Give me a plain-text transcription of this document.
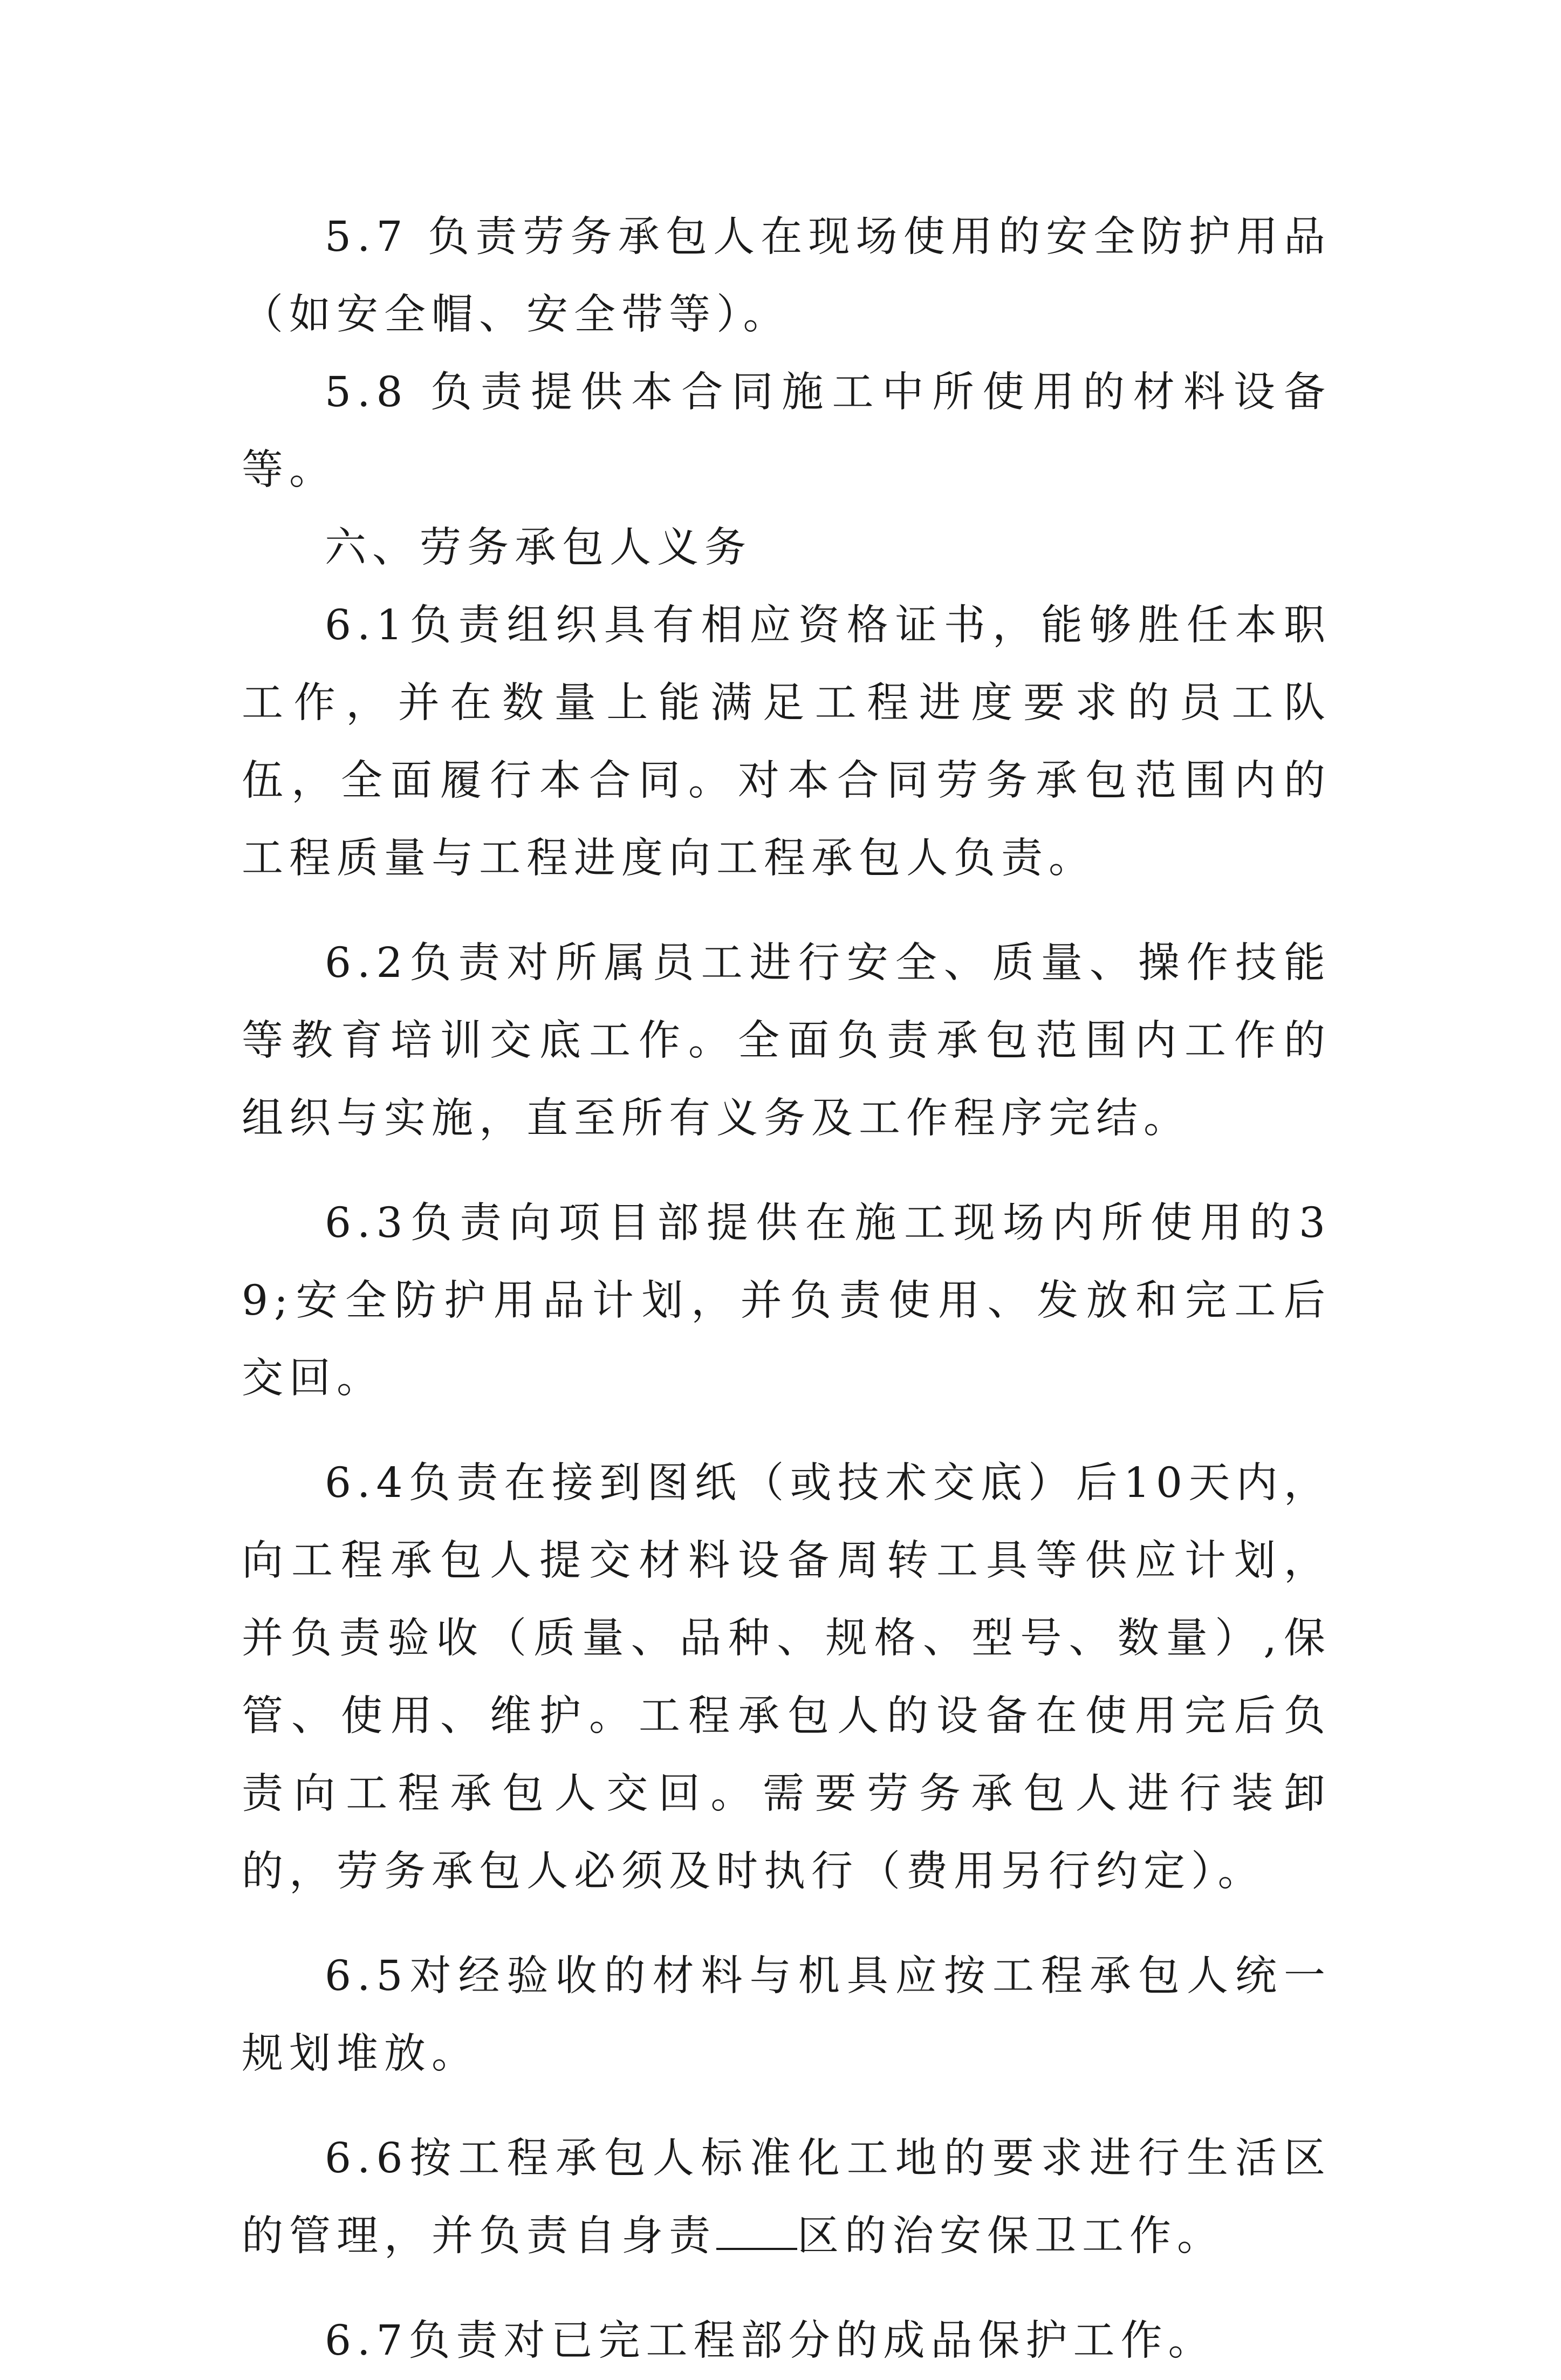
5.7 负责劳务承包人在现场使用的安全防护用品（如安全帽、安全带等）。

5.8 负责提供本合同施工中所使用的材料设备等。

六、劳务承包人义务

6.1负责组织具有相应资格证书，能够胜任本职工作，并在数量上能满足工程进度要求的员工队伍，全面履行本合同。对本合同劳务承包范围内的工程质量与工程进度向工程承包人负责。

6.2负责对所属员工进行安全、质量、操作技能等教育培训交底工作。全面负责承包范围内工作的组织与实施，直至所有义务及工作程序完结。

6.3负责向项目部提供在施工现场内所使用的39;安全防护用品计划，并负责使用、发放和完工后交回。

6.4负责在接到图纸（或技术交底）后10天内，向工程承包人提交材料设备周转工具等供应计划，并负责验收（质量、品种、规格、型号、数量）,保管、使用、维护。工程承包人的设备在使用完后负责向工程承包人交回。需要劳务承包人进行装卸的，劳务承包人必须及时执行（费用另行约定）。

6.5对经验收的材料与机具应按工程承包人统一规划堆放。

6.6按工程承包人标准化工地的要求进行生活区的管理，并负责自身责 区的治安保卫工作。

6.7负责对已完工程部分的成品保护工作。
